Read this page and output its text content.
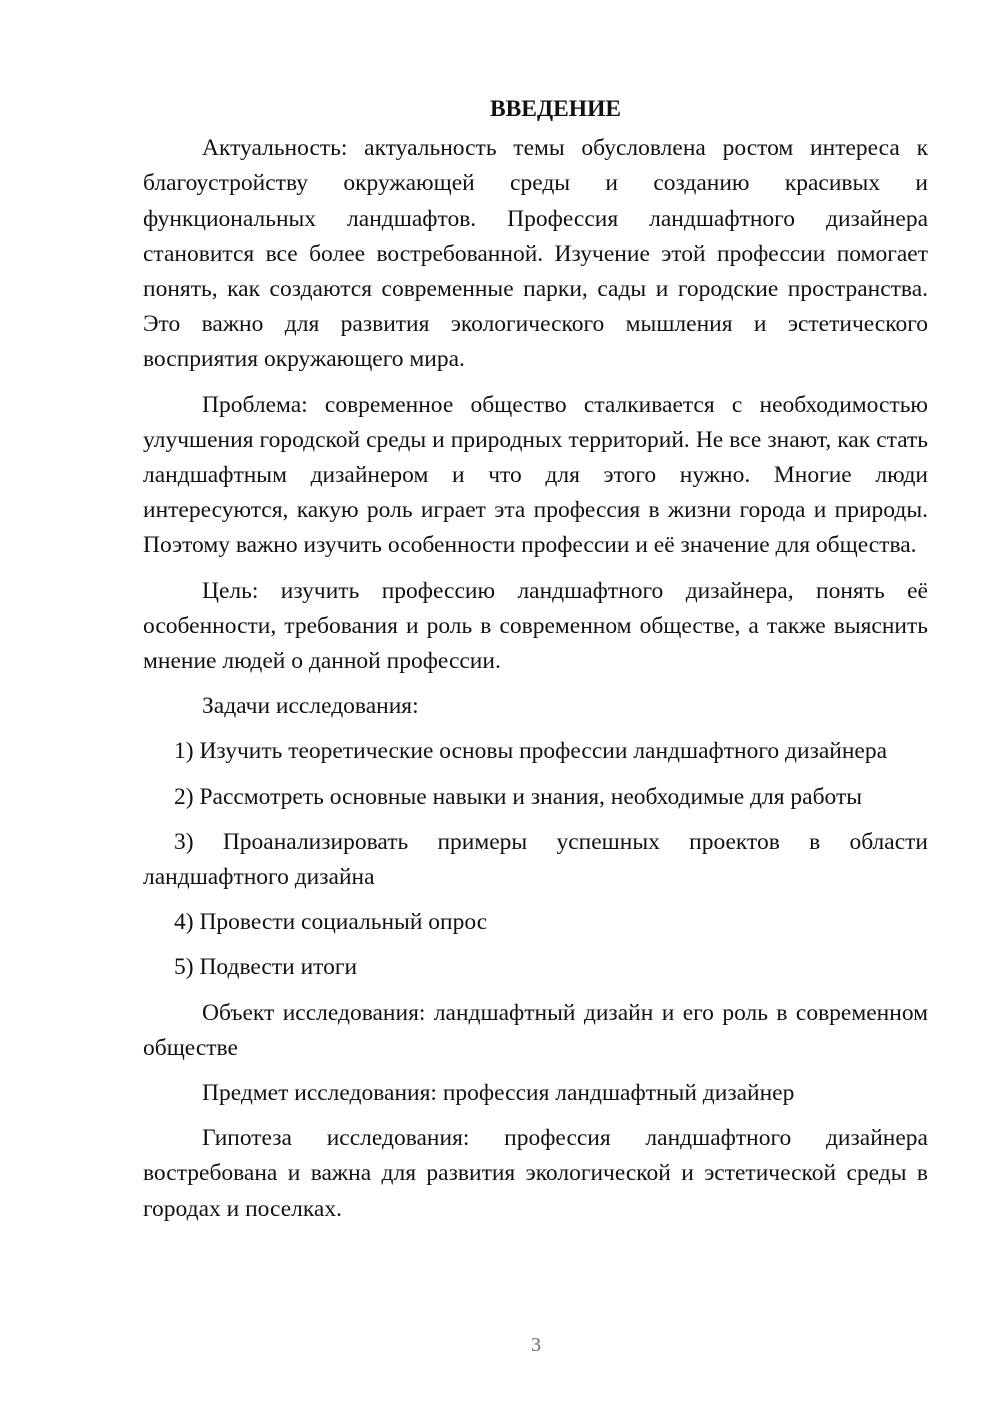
ВВЕДЕНИЕ

Актуальность: актуальность темы обусловлена ростом интереса к благоустройству окружающей среды и созданию красивых и функциональных ландшафтов. Профессия ландшафтного дизайнера становится все более востребованной. Изучение этой профессии помогает понять, как создаются современные парки, сады и городские пространства. Это важно для развития экологического мышления и эстетического восприятия окружающего мира.

Проблема: современное общество сталкивается с необходимостью улучшения городской среды и природных территорий. Не все знают, как стать ландшафтным дизайнером и что для этого нужно. Многие люди интересуются, какую роль играет эта профессия в жизни города и природы. Поэтому важно изучить особенности профессии и её значение для общества.

Цель: изучить профессию ландшафтного дизайнера, понять её особенности, требования и роль в современном обществе, а также выяснить мнение людей о данной профессии.

Задачи исследования:

1) Изучить теоретические основы профессии ландшафтного дизайнера

2) Рассмотреть основные навыки и знания, необходимые для работы

3) Проанализировать примеры успешных проектов в области ландшафтного дизайна

4) Провести социальный опрос

5) Подвести итоги

Объект исследования: ландшафтный дизайн и его роль в современном обществе

Предмет исследования: профессия ландшафтный дизайнер

Гипотеза исследования: профессия ландшафтного дизайнера востребована и важна для развития экологической и эстетической среды в городах и поселках.

3
